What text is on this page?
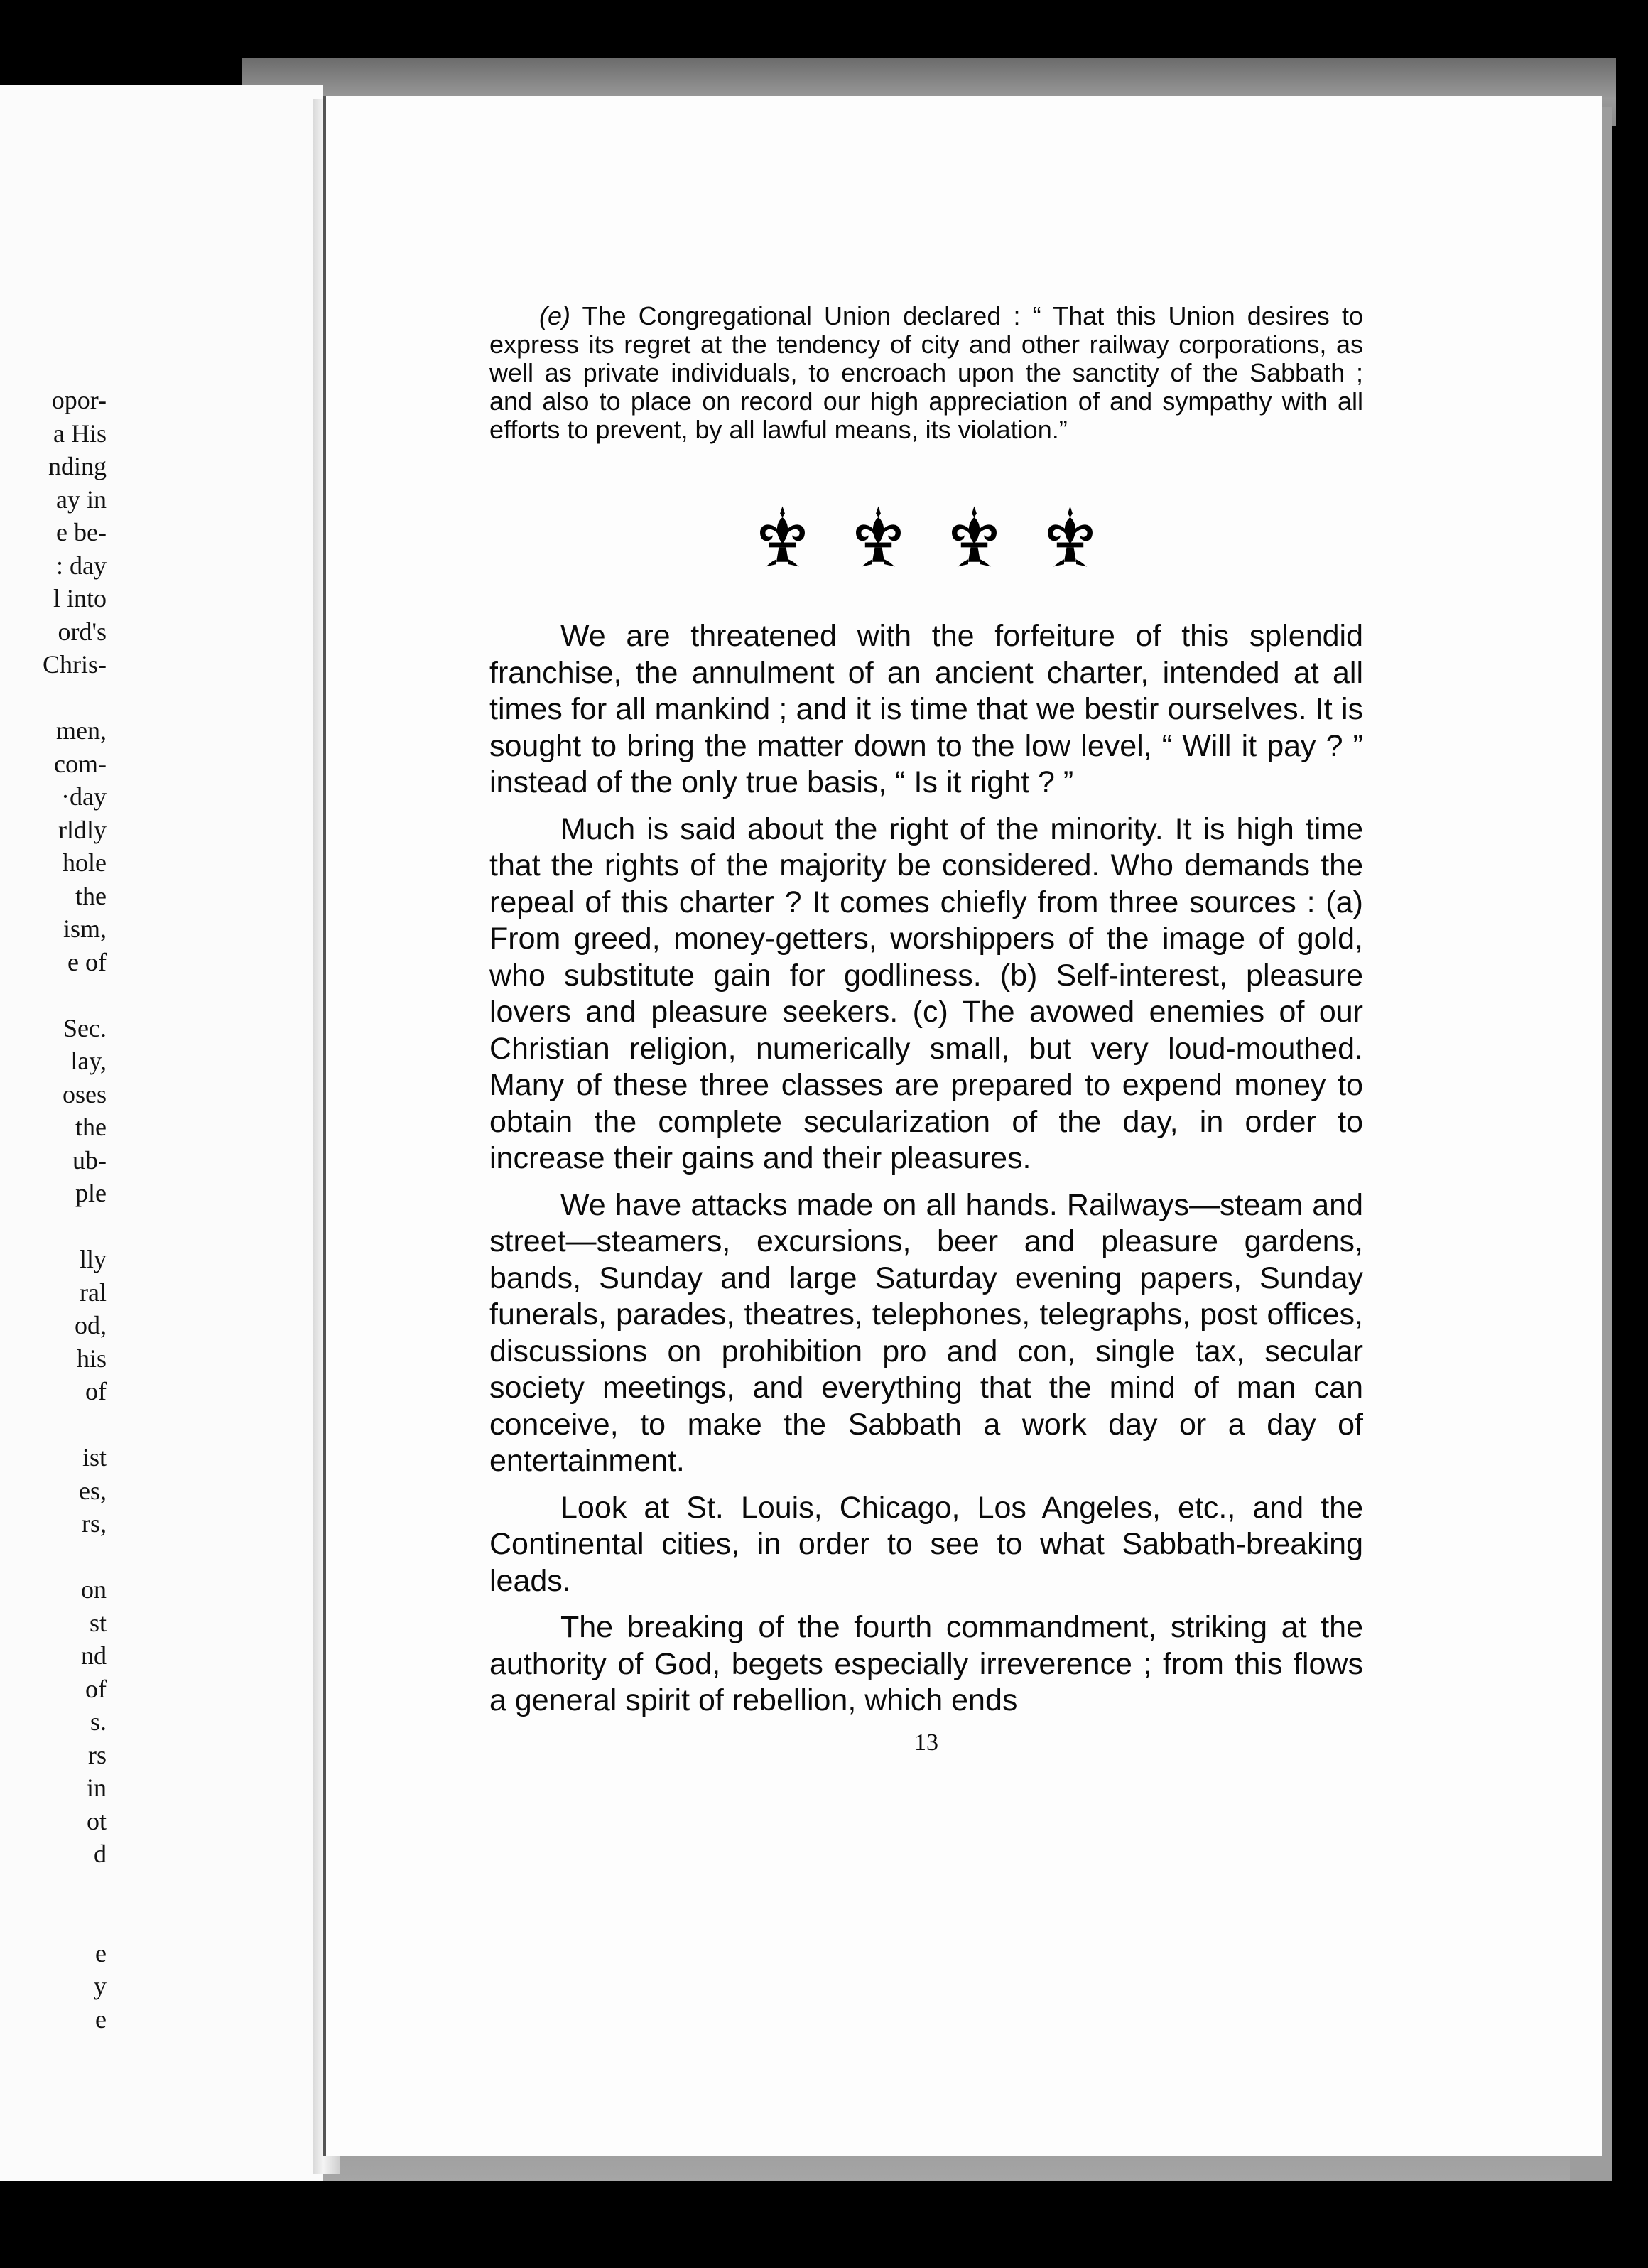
opor-
a His
nding
ay in
e be-
: day
l into
ord's
Chris-

men,
com-
·day
rldly
hole
the
ism,
e of

Sec.
lay,
oses
the
ub-
ple

lly
ral
od,
his
of

ist
es,
rs,

on
st
nd
of
s.
rs
in
ot
d

e
y
e

(e) The Congregational Union declared : “ That this Union desires to express its regret at the tendency of city and other railway corporations, as well as private individuals, to encroach upon the sanctity of the Sabbath ; and also to place on record our high appreciation of and sympathy with all efforts to prevent, by all lawful means, its violation.”

We are threatened with the forfeiture of this splendid franchise, the annulment of an ancient charter, intended at all times for all mankind ; and it is time that we bestir ourselves. It is sought to bring the matter down to the low level, “ Will it pay ? ” instead of the only true basis, “ Is it right ? ”

Much is said about the right of the minority. It is high time that the rights of the majority be considered. Who demands the repeal of this charter ? It comes chiefly from three sources : (a) From greed, money-getters, worshippers of the image of gold, who substitute gain for godliness. (b) Self-interest, pleasure lovers and pleasure seekers. (c) The avowed enemies of our Christian religion, numerically small, but very loud-mouthed. Many of these three classes are prepared to expend money to obtain the complete secularization of the day, in order to increase their gains and their pleasures.

We have attacks made on all hands. Railways—steam and street—steamers, excursions, beer and pleasure gardens, bands, Sunday and large Saturday evening papers, Sunday funerals, parades, theatres, telephones, telegraphs, post offices, discussions on prohibition pro and con, single tax, secular society meetings, and everything that the mind of man can conceive, to make the Sabbath a work day or a day of entertainment.

Look at St. Louis, Chicago, Los Angeles, etc., and the Continental cities, in order to see to what Sabbath-breaking leads.

The breaking of the fourth commandment, striking at the authority of God, begets especially irreverence ; from this flows a general spirit of rebellion, which ends

13
